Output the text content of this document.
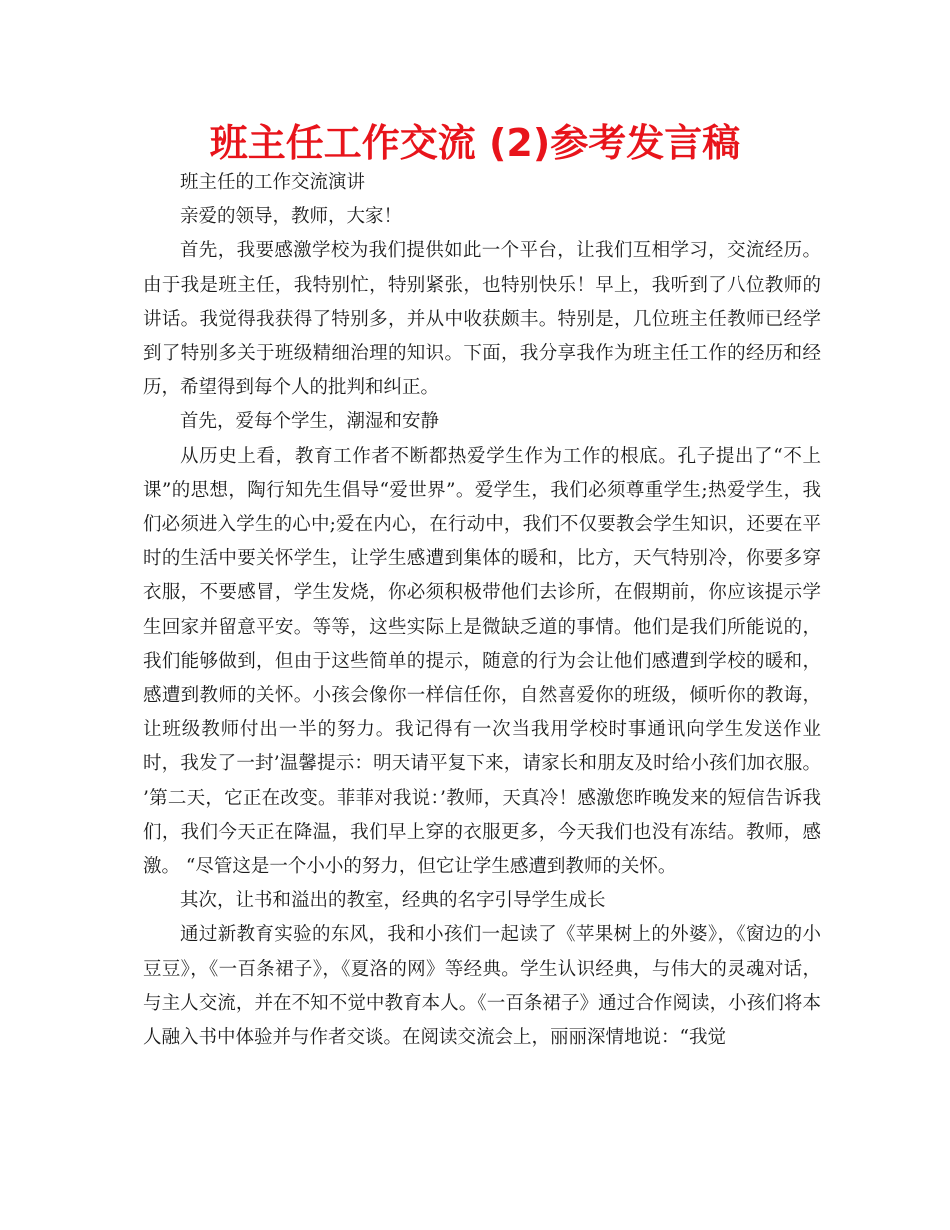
班主任工作交流 (2)参考发言稿

班主任的工作交流演讲

亲爱的领导，教师，大家！

首先，我要感激学校为我们提供如此一个平台，让我们互相学习，交流经历。由于我是班主任，我特别忙，特别紧张，也特别快乐！早上，我听到了八位教师的讲话。我觉得我获得了特别多，并从中收获颇丰。特别是，几位班主任教师已经学到了特别多关于班级精细治理的知识。下面，我分享我作为班主任工作的经历和经历，希望得到每个人的批判和纠正。

首先，爱每个学生，潮湿和安静

从历史上看，教育工作者不断都热爱学生作为工作的根底。孔子提出了“不上课”的思想，陶行知先生倡导“爱世界”。爱学生，我们必须尊重学生;热爱学生，我们必须进入学生的心中;爱在内心，在行动中，我们不仅要教会学生知识，还要在平时的生活中要关怀学生，让学生感遭到集体的暖和，比方，天气特别冷，你要多穿衣服，不要感冒，学生发烧，你必须积极带他们去诊所，在假期前，你应该提示学生回家并留意平安。等等，这些实际上是微缺乏道的事情。他们是我们所能说的，我们能够做到，但由于这些简单的提示，随意的行为会让他们感遭到学校的暖和，感遭到教师的关怀。小孩会像你一样信任你，自然喜爱你的班级，倾听你的教诲，让班级教师付出一半的努力。我记得有一次当我用学校时事通讯向学生发送作业时，我发了一封’温馨提示：明天请平复下来，请家长和朋友及时给小孩们加衣服。 ’第二天，它正在改变。菲菲对我说：’教师，天真冷！感激您昨晚发来的短信告诉我们，我们今天正在降温，我们早上穿的衣服更多，今天我们也没有冻结。教师，感激。 “尽管这是一个小小的努力，但它让学生感遭到教师的关怀。

其次，让书和溢出的教室，经典的名字引导学生成长

通过新教育实验的东风，我和小孩们一起读了《苹果树上的外婆》，《窗边的小豆豆》，《一百条裙子》，《夏洛的网》等经典。学生认识经典，与伟大的灵魂对话，与主人交流，并在不知不觉中教育本人。《一百条裙子》通过合作阅读，小孩们将本人融入书中体验并与作者交谈。在阅读交流会上，丽丽深情地说：“我觉
